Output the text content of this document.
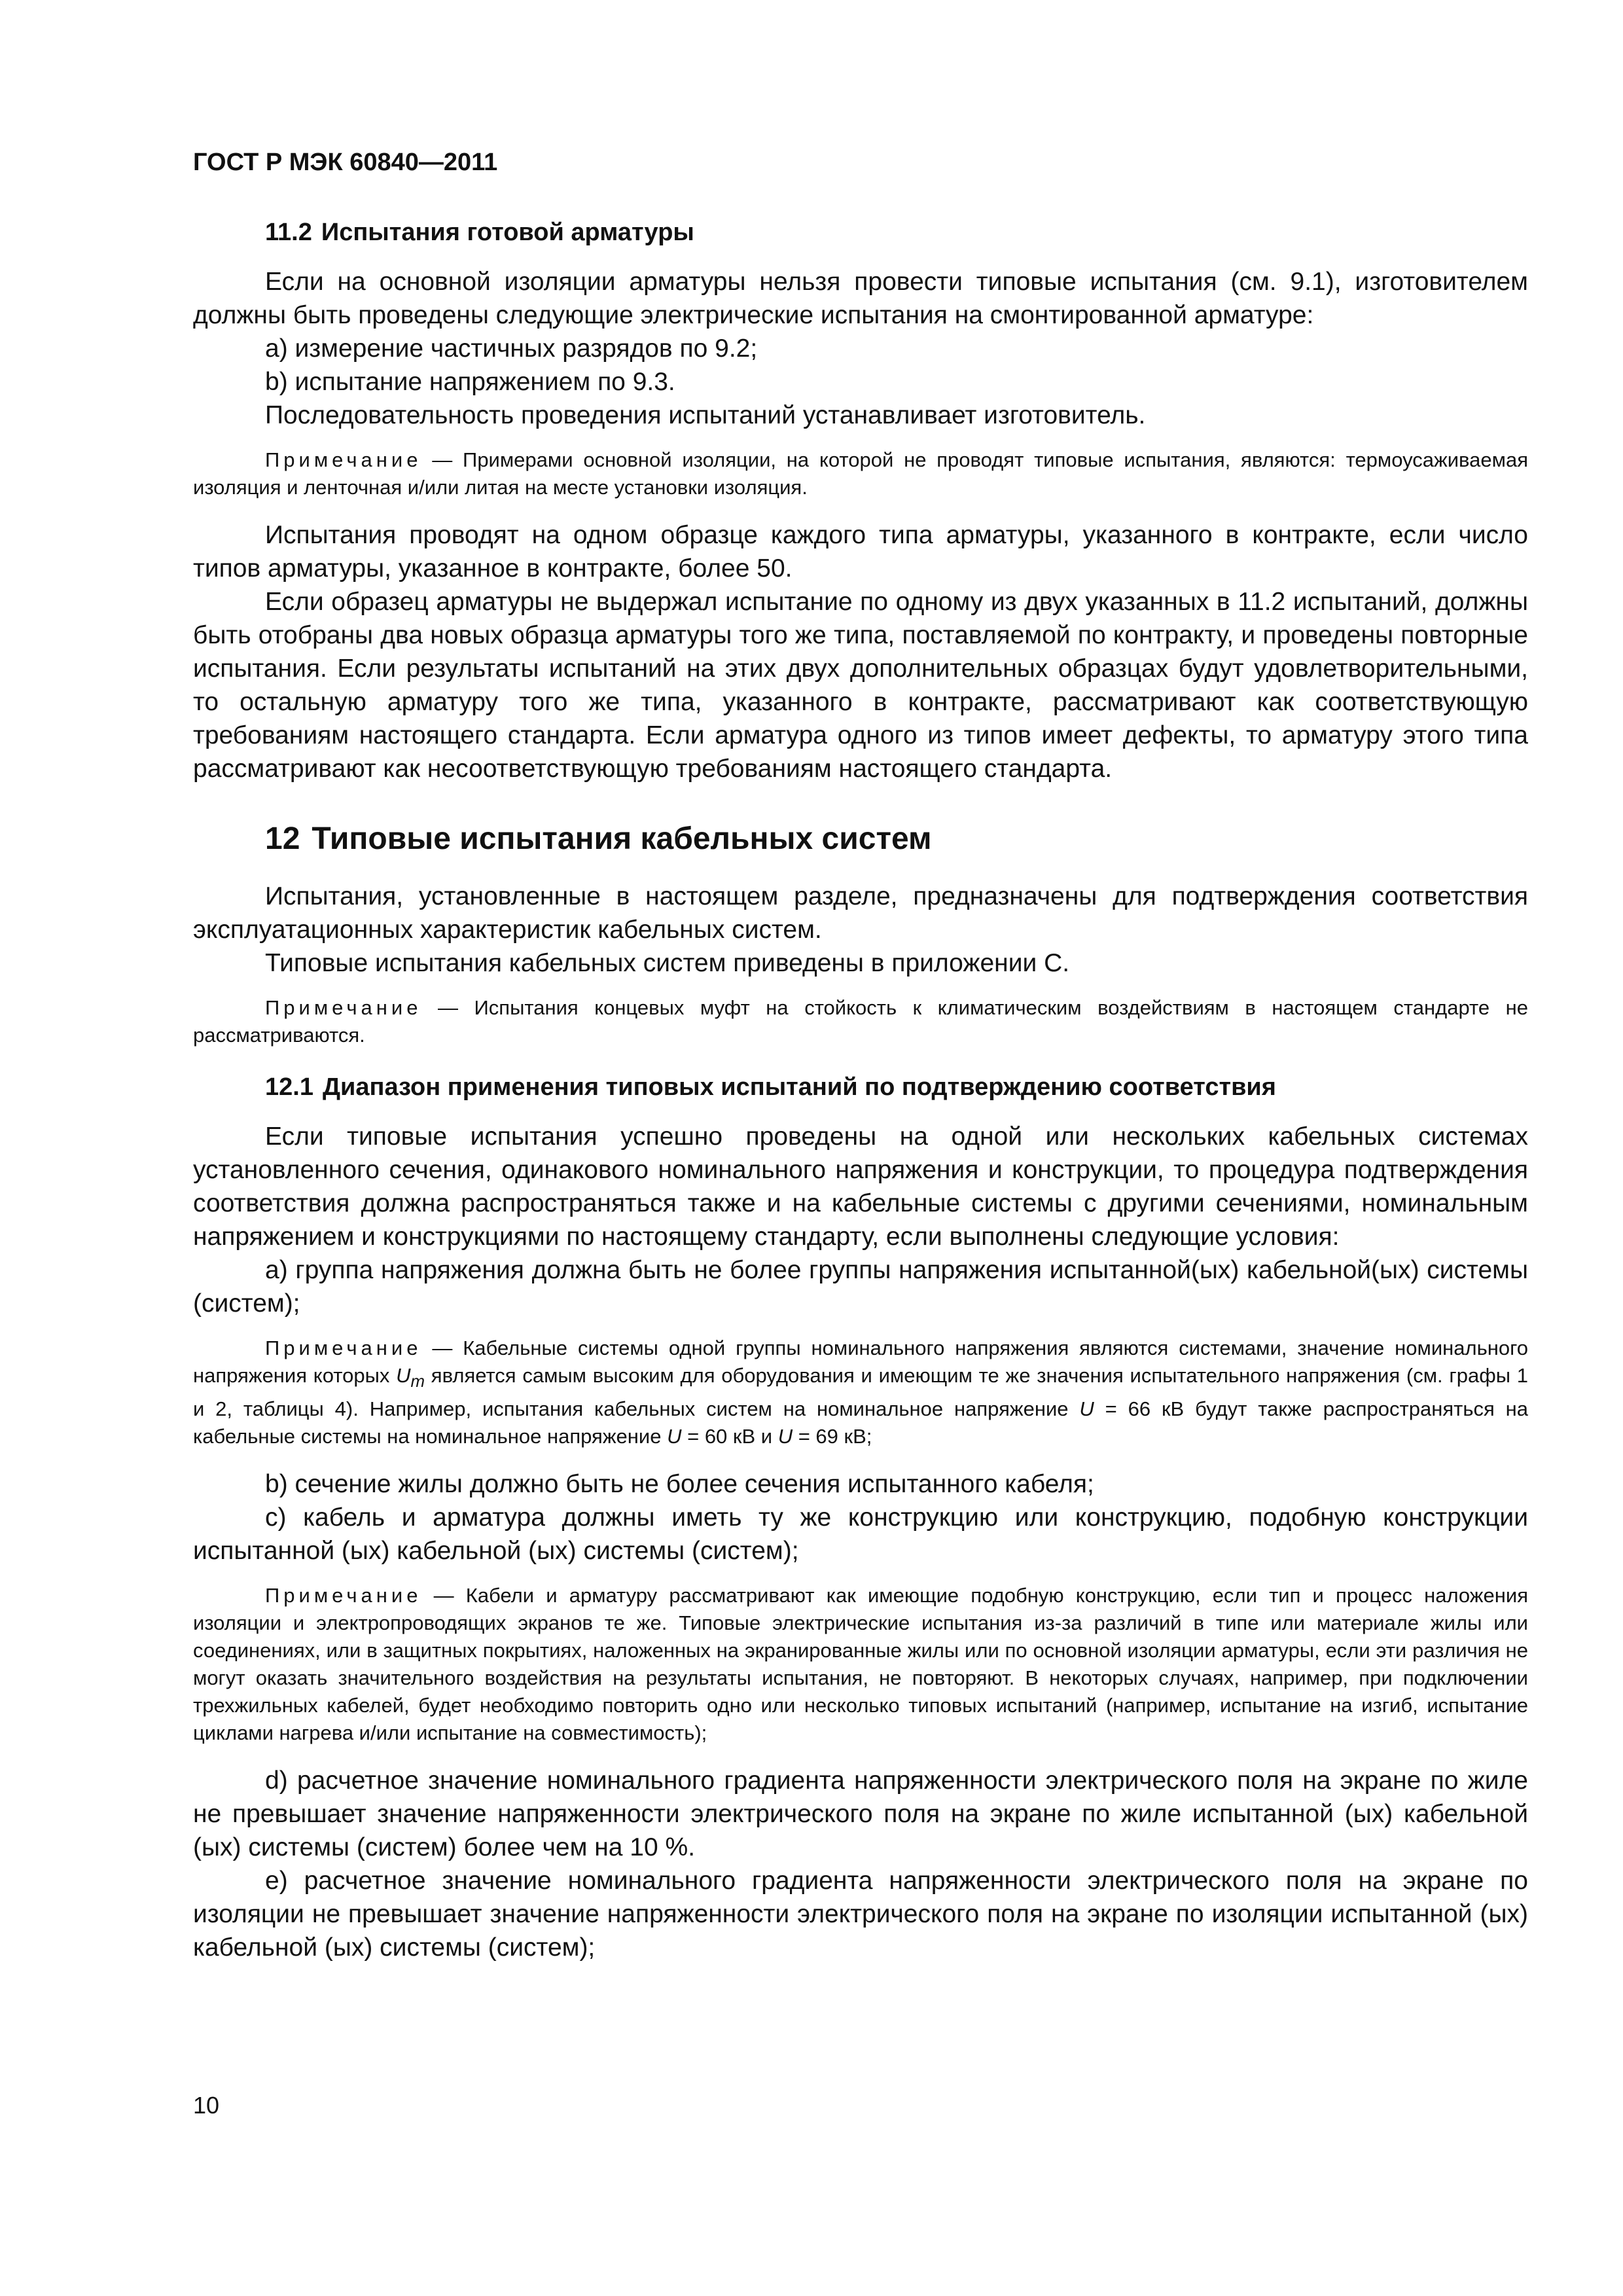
ГОСТ Р МЭК 60840—2011
11.2 Испытания готовой арматуры

Если на основной изоляции арматуры нельзя провести типовые испытания (см. 9.1), изготовителем должны быть проведены следующие электрические испытания на смонтированной арматуре:

a) измерение частичных разрядов по 9.2;

b) испытание напряжением по 9.3.

Последовательность проведения испытаний устанавливает изготовитель.

Примечание — Примерами основной изоляции, на которой не проводят типовые испытания, являются: термоусаживаемая изоляция и ленточная и/или литая на месте установки изоляция.

Испытания проводят на одном образце каждого типа арматуры, указанного в контракте, если число типов арматуры, указанное в контракте, более 50.

Если образец арматуры не выдержал испытание по одному из двух указанных в 11.2 испытаний, должны быть отобраны два новых образца арматуры того же типа, поставляемой по контракту, и проведены повторные испытания. Если результаты испытаний на этих двух дополнительных образцах будут удовлетворительными, то остальную арматуру того же типа, указанного в контракте, рассматривают как соответствующую требованиям настоящего стандарта. Если арматура одного из типов имеет дефекты, то арматуру этого типа рассматривают как несоответствующую требованиям настоящего стандарта.

12 Типовые испытания кабельных систем

Испытания, установленные в настоящем разделе, предназначены для подтверждения соответствия эксплуатационных характеристик кабельных систем.

Типовые испытания кабельных систем приведены в приложении С.

Примечание — Испытания концевых муфт на стойкость к климатическим воздействиям в настоящем стандарте не рассматриваются.
12.1 Диапазон применения типовых испытаний по подтверждению соответствия

Если типовые испытания успешно проведены на одной или нескольких кабельных системах установленного сечения, одинакового номинального напряжения и конструкции, то процедура подтверждения соответствия должна распространяться также и на кабельные системы с другими сечениями, номинальным напряжением и конструкциями по настоящему стандарту, если выполнены следующие условия:

a) группа напряжения должна быть не более группы напряжения испытанной(ых) кабельной(ых) системы (систем);

Примечание — Кабельные системы одной группы номинального напряжения являются системами, значение номинального напряжения которых $U_m$ является самым высоким для оборудования и имеющим те же значения испытательного напряжения (см. графы 1 и 2, таблицы 4). Например, испытания кабельных систем на номинальное напряжение U = 66 кВ будут также распространяться на кабельные системы на номинальное напряжение U = 60 кВ и U = 69 кВ;

b) сечение жилы должно быть не более сечения испытанного кабеля;

c) кабель и арматура должны иметь ту же конструкцию или конструкцию, подобную конструкции испытанной (ых) кабельной (ых) системы (систем);

Примечание — Кабели и арматуру рассматривают как имеющие подобную конструкцию, если тип и процесс наложения изоляции и электропроводящих экранов те же. Типовые электрические испытания из-за различий в типе или материале жилы или соединениях, или в защитных покрытиях, наложенных на экранированные жилы или по основной изоляции арматуры, если эти различия не могут оказать значительного воздействия на результаты испытания, не повторяют. В некоторых случаях, например, при подключении трехжильных кабелей, будет необходимо повторить одно или несколько типовых испытаний (например, испытание на изгиб, испытание циклами нагрева и/или испытание на совместимость);

d) расчетное значение номинального градиента напряженности электрического поля на экране по жиле не превышает значение напряженности электрического поля на экране по жиле испытанной (ых) кабельной (ых) системы (систем) более чем на 10 %.

e) расчетное значение номинального градиента напряженности электрического поля на экране по изоляции не превышает значение напряженности электрического поля на экране по изоляции испытанной (ых) кабельной (ых) системы (систем);

10
